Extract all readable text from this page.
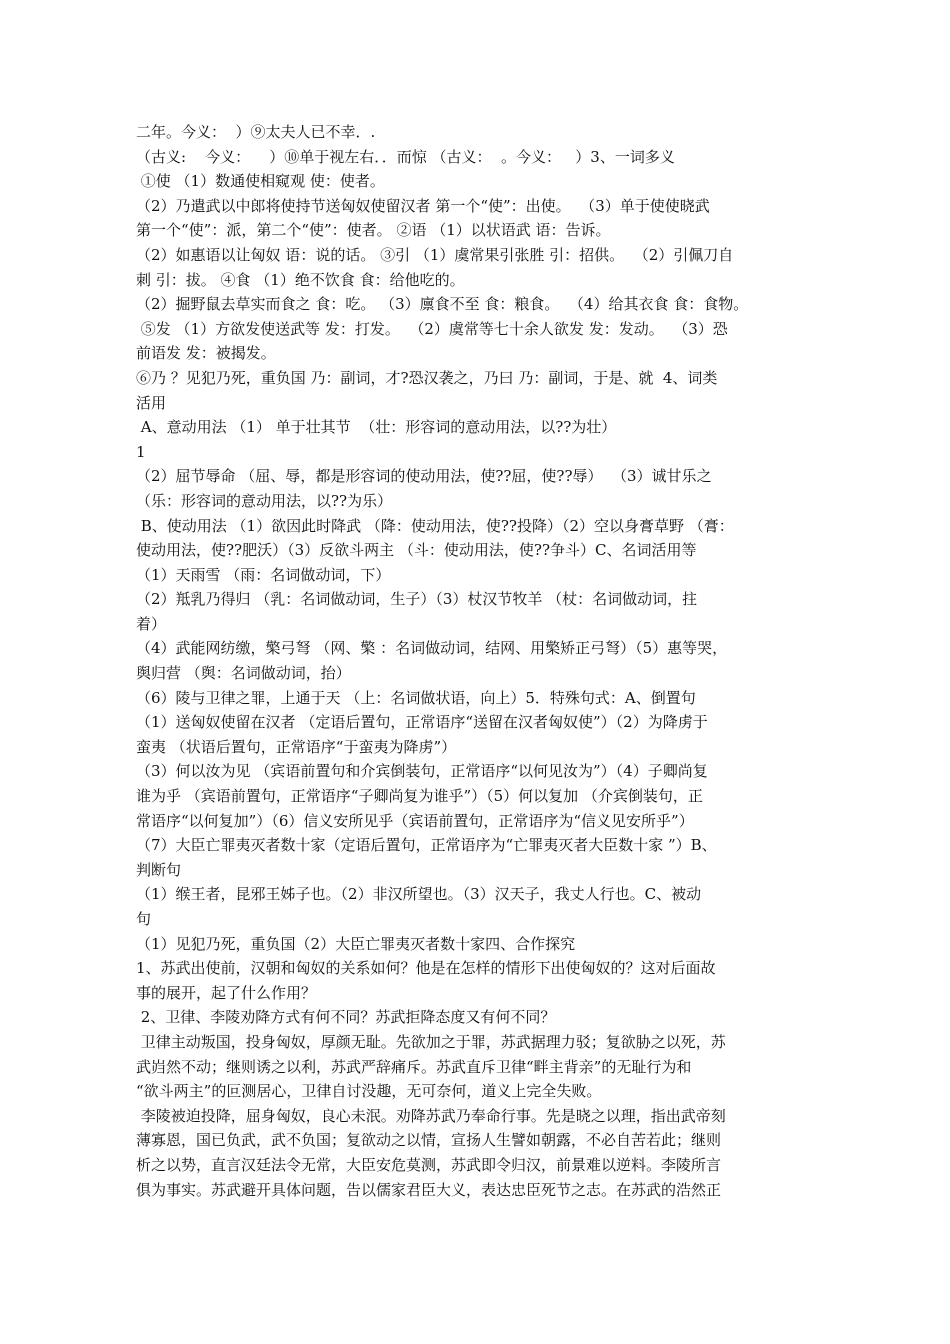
二年。今义：  ）⑨太夫人已不幸．.
（古义:    今义：    ）⑩单于视左右．．而惊 （古义：  。今义：   ）3、一词多义
①使 （1）数通使相窥观 使：使者。
（2）乃遣武以中郎将使持节送匈奴使留汉者 第一个“使”：出使。  （3）单于使使晓武
第一个“使”：派，第二个“使”：使者。 ②语 （1）以状语武 语：告诉。
（2）如惠语以让匈奴 语：说的话。 ③引 （1）虞常果引张胜 引：招供。  （2）引佩刀自
刺 引：拔。 ④食 （1）绝不饮食 食：给他吃的。
（2）掘野鼠去草实而食之 食：吃。 （3）廪食不至 食：粮食。  （4）给其衣食 食：食物。
⑤发 （1）方欲发使送武等 发：打发。  （2）虞常等七十余人欲发 发：发动。  （3）恐
前语发 发：被揭发。
⑥乃 ？见犯乃死，重负国 乃：副词，才?恐汉袭之，乃曰 乃：副词，于是、就  4、词类
活用
A、意动用法 （1） 单于壮其节  （壮：形容词的意动用法，以??为壮）
1
（2）屈节辱命 （屈、辱，都是形容词的使动用法，使??屈，使??辱）  （3）诚甘乐之
（乐：形容词的意动用法，以??为乐）
B、使动用法 （1）欲因此时降武 （降：使动用法，使??投降）（2）空以身膏草野 （膏：
使动用法，使??肥沃）（3）反欲斗两主 （斗：使动用法，使??争斗）C、名词活用等
（1）天雨雪 （雨：名词做动词，下）
（2）羝乳乃得归 （乳：名词做动词，生子）（3）杖汉节牧羊 （杖：名词做动词，拄
着）
（4）武能网纺缴，檠弓弩 （网、檠 ：名词做动词，结网、用檠矫正弓弩）（5）惠等哭，
舆归营 （舆：名词做动词，抬）
（6）陵与卫律之罪，上通于天 （上：名词做状语，向上）5．特殊句式：A、倒置句
（1）送匈奴使留在汉者 （定语后置句，正常语序“送留在汉者匈奴使”）（2）为降虏于
蛮夷 （状语后置句，正常语序“于蛮夷为降虏”）
（3）何以汝为见 （宾语前置句和介宾倒装句，正常语序“以何见汝为”）（4）子卿尚复
谁为乎 （宾语前置句，正常语序“子卿尚复为谁乎”）（5）何以复加 （介宾倒装句，正
常语序“以何复加”）（6）信义安所见乎（宾语前置句，正常语序为“信义见安所乎”）
（7）大臣亡罪夷灭者数十家（定语后置句，正常语序为“亡罪夷灭者大臣数十家 ”）B、
判断句
（1）缑王者，昆邪王姊子也。（2）非汉所望也。（3）汉天子，我丈人行也。C、被动
句
（1）见犯乃死，重负国（2）大臣亡罪夷灭者数十家四、合作探究
1、苏武出使前，汉朝和匈奴的关系如何？他是在怎样的情形下出使匈奴的？这对后面故
事的展开，起了什么作用？
2、卫律、李陵劝降方式有何不同？苏武拒降态度又有何不同？
卫律主动叛国，投身匈奴，厚颜无耻。先欲加之于罪，苏武据理力驳；复欲胁之以死，苏
武岿然不动；继则诱之以利，苏武严辞痛斥。苏武直斥卫律“畔主背亲”的无耻行为和
“欲斗两主”的叵测居心，卫律自讨没趣，无可奈何，道义上完全失败。
李陵被迫投降，屈身匈奴，良心未泯。劝降苏武乃奉命行事。先是晓之以理，指出武帝刻
薄寡恩，国已负武，武不负国；复欲动之以情，宣扬人生譬如朝露，不必自苦若此；继则
析之以势，直言汉廷法令无常，大臣安危莫测，苏武即令归汉，前景难以逆料。李陵所言
俱为事实。苏武避开具体问题，告以儒家君臣大义，表达忠臣死节之志。在苏武的浩然正
